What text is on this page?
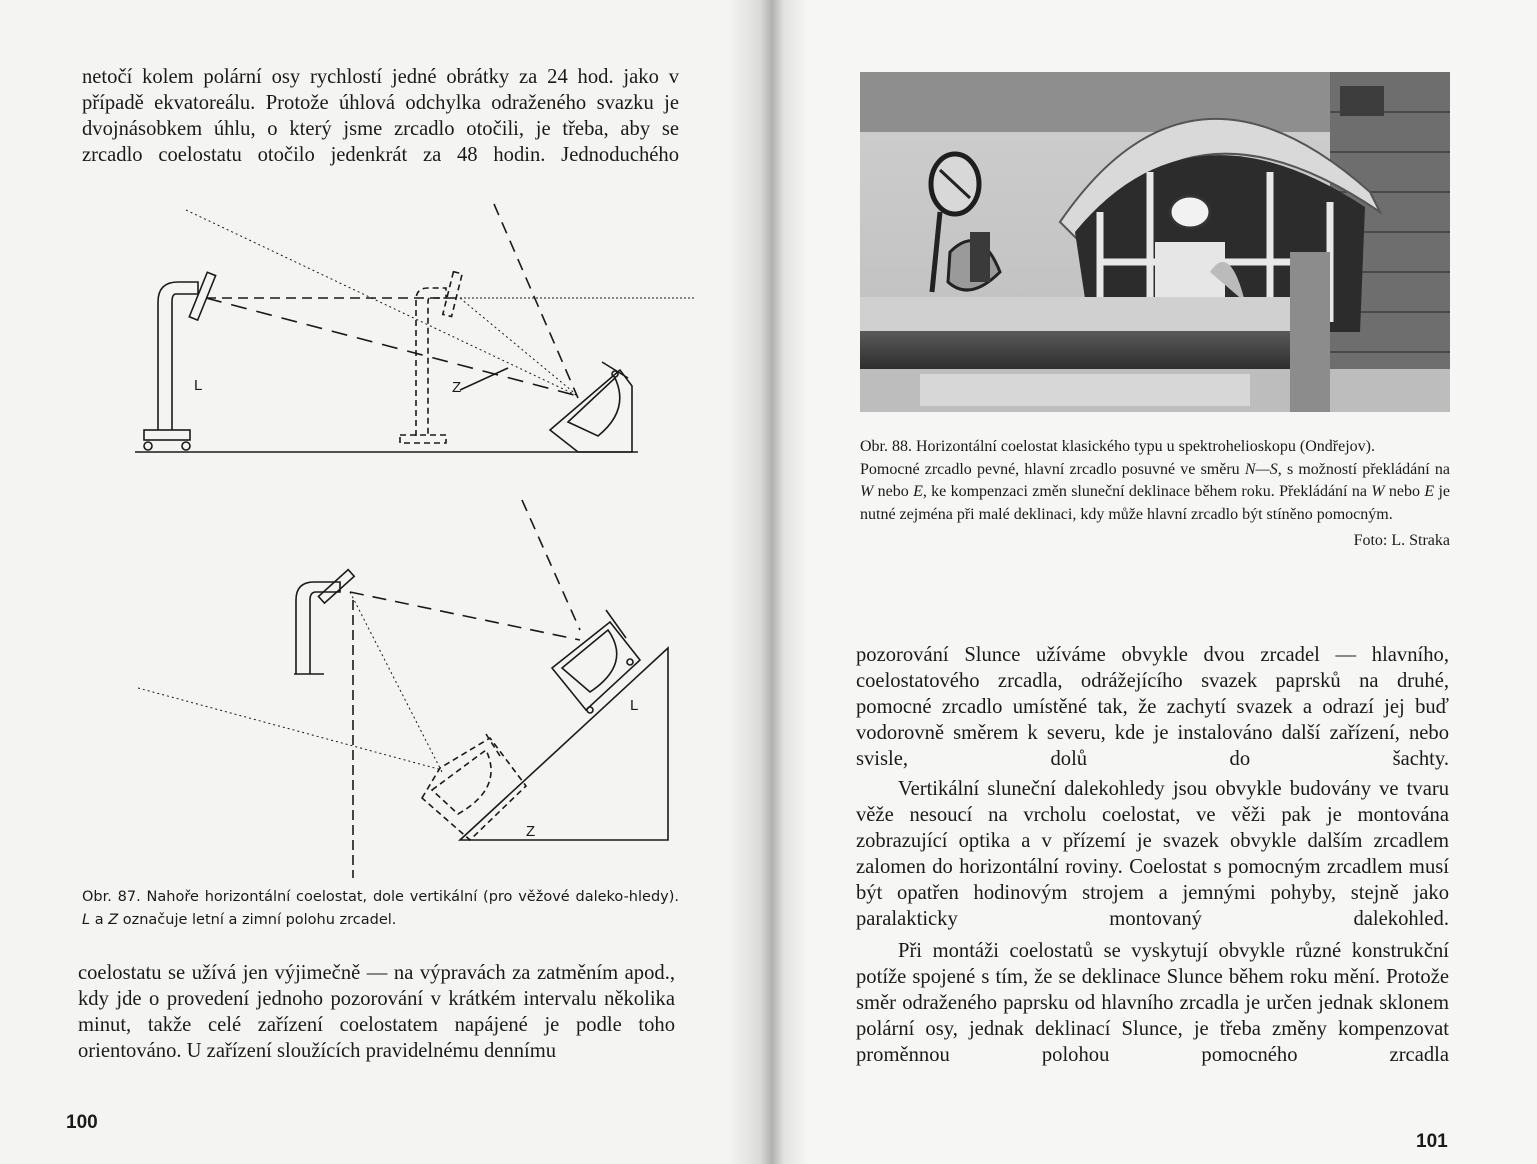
netočí kolem polární osy rychlostí jedné obrátky za 24 hod. jako v případě ekvatoreálu. Protože úhlová odchylka odraženého svazku je dvojnásobkem úhlu, o který jsme zrcadlo otočili, je třeba, aby se zrcadlo coelostatu otočilo jedenkrát za 48 hodin. Jednoduchého

L	Z
L
Z

Obr. 87. Nahoře horizontální coelostat, dole vertikální (pro věžové daleko-hledy). L a Z označuje letní a zimní polohu zrcadel.

coelostatu se užívá jen výjimečně — na výpravách za zatměním apod., kdy jde o provedení jednoho pozorování v krátkém intervalu několika minut, takže celé zařízení coelostatem napájené je podle toho orientováno. U zařízení sloužících pravidelnému dennímu

100

Obr. 88. Horizontální coelostat klasického typu u spektrohelioskopu (Ondřejov).

Pomocné zrcadlo pevné, hlavní zrcadlo posuvné ve směru N—S, s možností překládání na W nebo E, ke kompenzaci změn sluneční deklinace během roku. Překládání na W nebo E je nutné zejména při malé deklinaci, kdy může hlavní zrcadlo být stíněno pomocným.

Foto: L. Straka

pozorování Slunce užíváme obvykle dvou zrcadel — hlavního, coelostatového zrcadla, odrážejícího svazek paprsků na druhé, pomocné zrcadlo umístěné tak, že zachytí svazek a odrazí jej buď vodorovně směrem k severu, kde je instalováno další zařízení, nebo svisle, dolů do šachty.

Vertikální sluneční dalekohledy jsou obvykle budovány ve tvaru věže nesoucí na vrcholu coelostat, ve věži pak je montována zobrazující optika a v přízemí je svazek obvykle dalším zrcadlem zalomen do horizontální roviny. Coelostat s pomocným zrcadlem musí být opatřen hodinovým strojem a jemnými pohyby, stejně jako paralakticky montovaný dalekohled.

Při montáži coelostatů se vyskytují obvykle různé konstrukční potíže spojené s tím, že se deklinace Slunce během roku mění. Protože směr odraženého paprsku od hlavního zrcadla je určen jednak sklonem polární osy, jednak deklinací Slunce, je třeba změny kompenzovat proměnnou polohou pomocného zrcadla

101
